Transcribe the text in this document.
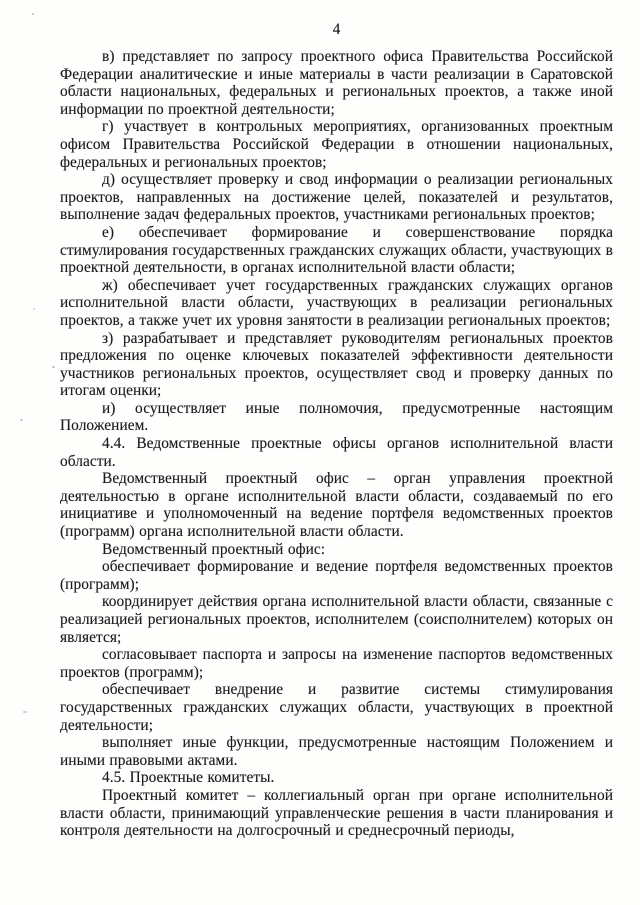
4

в) представляет по запросу проектного офиса Правительства Российской Федерации аналитические и иные материалы в части реализации в Саратовской области национальных, федеральных и региональных проектов, а также иной информации по проектной деятельности;

г) участвует в контрольных мероприятиях, организованных проектным офисом Правительства Российской Федерации в отношении национальных, федеральных и региональных проектов;

д) осуществляет проверку и свод информации о реализации региональных проектов, направленных на достижение целей, показателей и результатов, выполнение задач федеральных проектов, участниками региональных проектов;

е) обеспечивает формирование и совершенствование порядка стимулирования государственных гражданских служащих области, участвующих в проектной деятельности, в органах исполнительной власти области;

ж) обеспечивает учет государственных гражданских служащих органов исполнительной власти области, участвующих в реализации региональных проектов, а также учет их уровня занятости в реализации региональных проектов;

з) разрабатывает и представляет руководителям региональных проектов предложения по оценке ключевых показателей эффективности деятельности участников региональных проектов, осуществляет свод и проверку данных по итогам оценки;

и) осуществляет иные полномочия, предусмотренные настоящим Положением.

4.4. Ведомственные проектные офисы органов исполнительной власти области.

Ведомственный проектный офис – орган управления проектной деятельностью в органе исполнительной власти области, создаваемый по его инициативе и уполномоченный на ведение портфеля ведомственных проектов (программ) органа исполнительной власти области.

Ведомственный проектный офис:

обеспечивает формирование и ведение портфеля ведомственных проектов (программ);

координирует действия органа исполнительной власти области, связанные с реализацией региональных проектов, исполнителем (соисполнителем) которых он является;

согласовывает паспорта и запросы на изменение паспортов ведомственных проектов (программ);

обеспечивает внедрение и развитие системы стимулирования государственных гражданских служащих области, участвующих в проектной деятельности;

выполняет иные функции, предусмотренные настоящим Положением и иными правовыми актами.

4.5. Проектные комитеты.

Проектный комитет – коллегиальный орган при органе исполнительной власти области, принимающий управленческие решения в части планирования и контроля деятельности на долгосрочный и среднесрочный периоды,
